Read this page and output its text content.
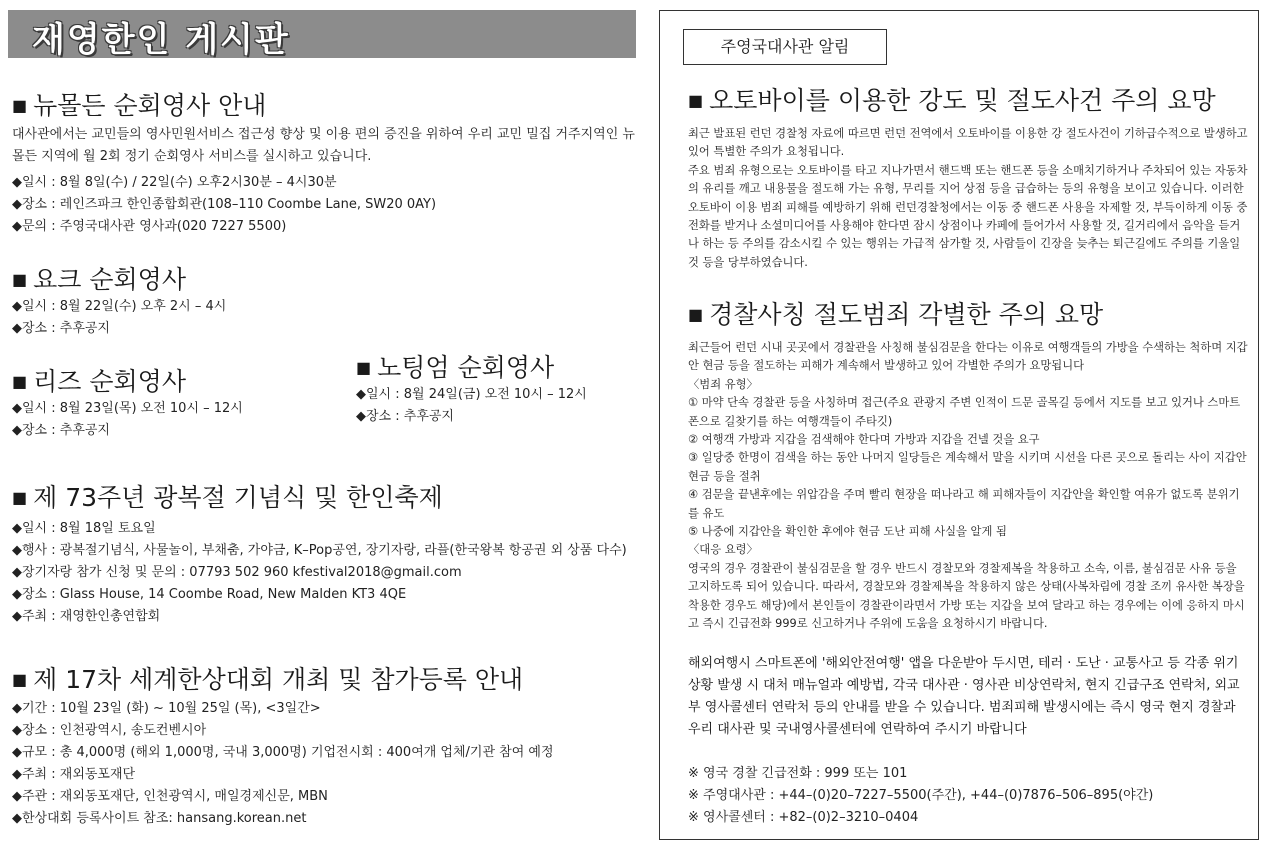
재영한인 게시판
■ 뉴몰든 순회영사 안내
대사관에서는 교민들의 영사민원서비스 접근성 향상 및 이용 편의 증진을 위하여 우리 교민 밀집 거주지역인 뉴몰든 지역에 월 2회 정기 순회영사 서비스를 실시하고 있습니다.
◆일시 : 8월 8일(수) / 22일(수) 오후2시30분 – 4시30분
◆장소 : 레인즈파크 한인종합회관(108–110 Coombe Lane, SW20 0AY)
◆문의 : 주영국대사관 영사과(020 7227 5500)
■ 요크 순회영사
◆일시 : 8월 22일(수) 오후 2시 – 4시
◆장소 : 추후공지
■ 리즈 순회영사
◆일시 : 8월 23일(목) 오전 10시 – 12시
◆장소 : 추후공지
■ 노팅엄 순회영사
◆일시 : 8월 24일(금) 오전 10시 – 12시
◆장소 : 추후공지
■ 제 73주년 광복절 기념식 및 한인축제
◆일시 : 8월 18일 토요일
◆행사 : 광복절기념식, 사물놀이, 부채춤, 가야금, K–Pop공연, 장기자랑, 라플(한국왕복 항공권 외 상품 다수)
◆장기자랑 참가 신청 및 문의 : 07793 502 960 kfestival2018@gmail.com
◆장소 : Glass House, 14 Coombe Road, New Malden KT3 4QE
◆주최 : 재영한인총연합회
■ 제 17차 세계한상대회 개최 및 참가등록 안내
◆기간 : 10월 23일 (화) ~ 10월 25일 (목), <3일간>
◆장소 : 인천광역시, 송도컨벤시아
◆규모 : 총 4,000명 (해외 1,000명, 국내 3,000명) 기업전시회 : 400여개 업체/기관 참여 예정
◆주최 : 재외동포재단
◆주관 : 재외동포재단, 인천광역시, 매일경제신문, MBN
◆한상대회 등록사이트 참조: hansang.korean.net
주영국대사관 알림
■ 오토바이를 이용한 강도 및 절도사건 주의 요망
최근 발표된 런던 경찰청 자료에 따르면 런던 전역에서 오토바이를 이용한 강 절도사건이 기하급수적으로 발생하고 있어 특별한 주의가 요청됩니다.
주요 범죄 유형으로는 오토바이를 타고 지나가면서 핸드백 또는 핸드폰 등을 소매치기하거나 주차되어 있는 자동차의 유리를 깨고 내용물을 절도해 가는 유형, 무리를 지어 상점 등을 급습하는 등의 유형을 보이고 있습니다. 이러한 오토바이 이용 범죄 피해를 예방하기 위해 런던경찰청에서는 이동 중 핸드폰 사용을 자제할 것, 부득이하게 이동 중 전화를 받거나 소셜미디어를 사용해야 한다면 잠시 상점이나 카페에 들어가서 사용할 것, 길거리에서 음악을 듣거나 하는 등 주의를 감소시킬 수 있는 행위는 가급적 삼가할 것, 사람들이 긴장을 늦추는 퇴근길에도 주의를 기울일 것 등을 당부하였습니다.
■ 경찰사칭 절도범죄 각별한 주의 요망
최근들어 런던 시내 곳곳에서 경찰관을 사칭해 불심검문을 한다는 이유로 여행객들의 가방을 수색하는 척하며 지갑안 현금 등을 절도하는 피해가 계속해서 발생하고 있어 각별한 주의가 요망됩니다
〈범죄 유형〉
① 마약 단속 경찰관 등을 사칭하며 접근(주요 관광지 주변 인적이 드문 골목길 등에서 지도를 보고 있거나 스마트폰으로 길찾기를 하는 여행객들이 주타깃)
② 여행객 가방과 지갑을 검색해야 한다며 가방과 지갑을 건넬 것을 요구
③ 일당중 한명이 검색을 하는 동안 나머지 일당들은 계속해서 말을 시키며 시선을 다른 곳으로 돌리는 사이 지갑안 현금 등을 절취
④ 검문을 끝낸후에는 위압감을 주며 빨리 현장을 떠나라고 해 피해자들이 지갑안을 확인할 여유가 없도록 분위기를 유도
⑤ 나중에 지갑안을 확인한 후에야 현금 도난 피해 사실을 알게 됨
〈대응 요령〉
영국의 경우 경찰관이 불심검문을 할 경우 반드시 경찰모와 경찰제복을 착용하고 소속, 이름, 불심검문 사유 등을 고지하도록 되어 있습니다. 따라서, 경찰모와 경찰제복을 착용하지 않은 상태(사복차림에 경찰 조끼 유사한 복장을 착용한 경우도 해당)에서 본인들이 경찰관이라면서 가방 또는 지갑을 보여 달라고 하는 경우에는 이에 응하지 마시고 즉시 긴급전화 999로 신고하거나 주위에 도움을 요청하시기 바랍니다.
해외여행시 스마트폰에 '해외안전여행' 앱을 다운받아 두시면, 테러 · 도난 · 교통사고 등 각종 위기상황 발생 시 대처 매뉴얼과 예방법, 각국 대사관 · 영사관 비상연락처, 현지 긴급구조 연락처, 외교부 영사콜센터 연락처 등의 안내를 받을 수 있습니다. 범죄피해 발생시에는 즉시 영국 현지 경찰과 우리 대사관 및 국내영사콜센터에 연락하여 주시기 바랍니다
※ 영국 경찰 긴급전화 : 999 또는 101
※ 주영대사관 : +44–(0)20–7227–5500(주간), +44–(0)7876–506–895(야간)
※ 영사콜센터 : +82–(0)2–3210–0404
